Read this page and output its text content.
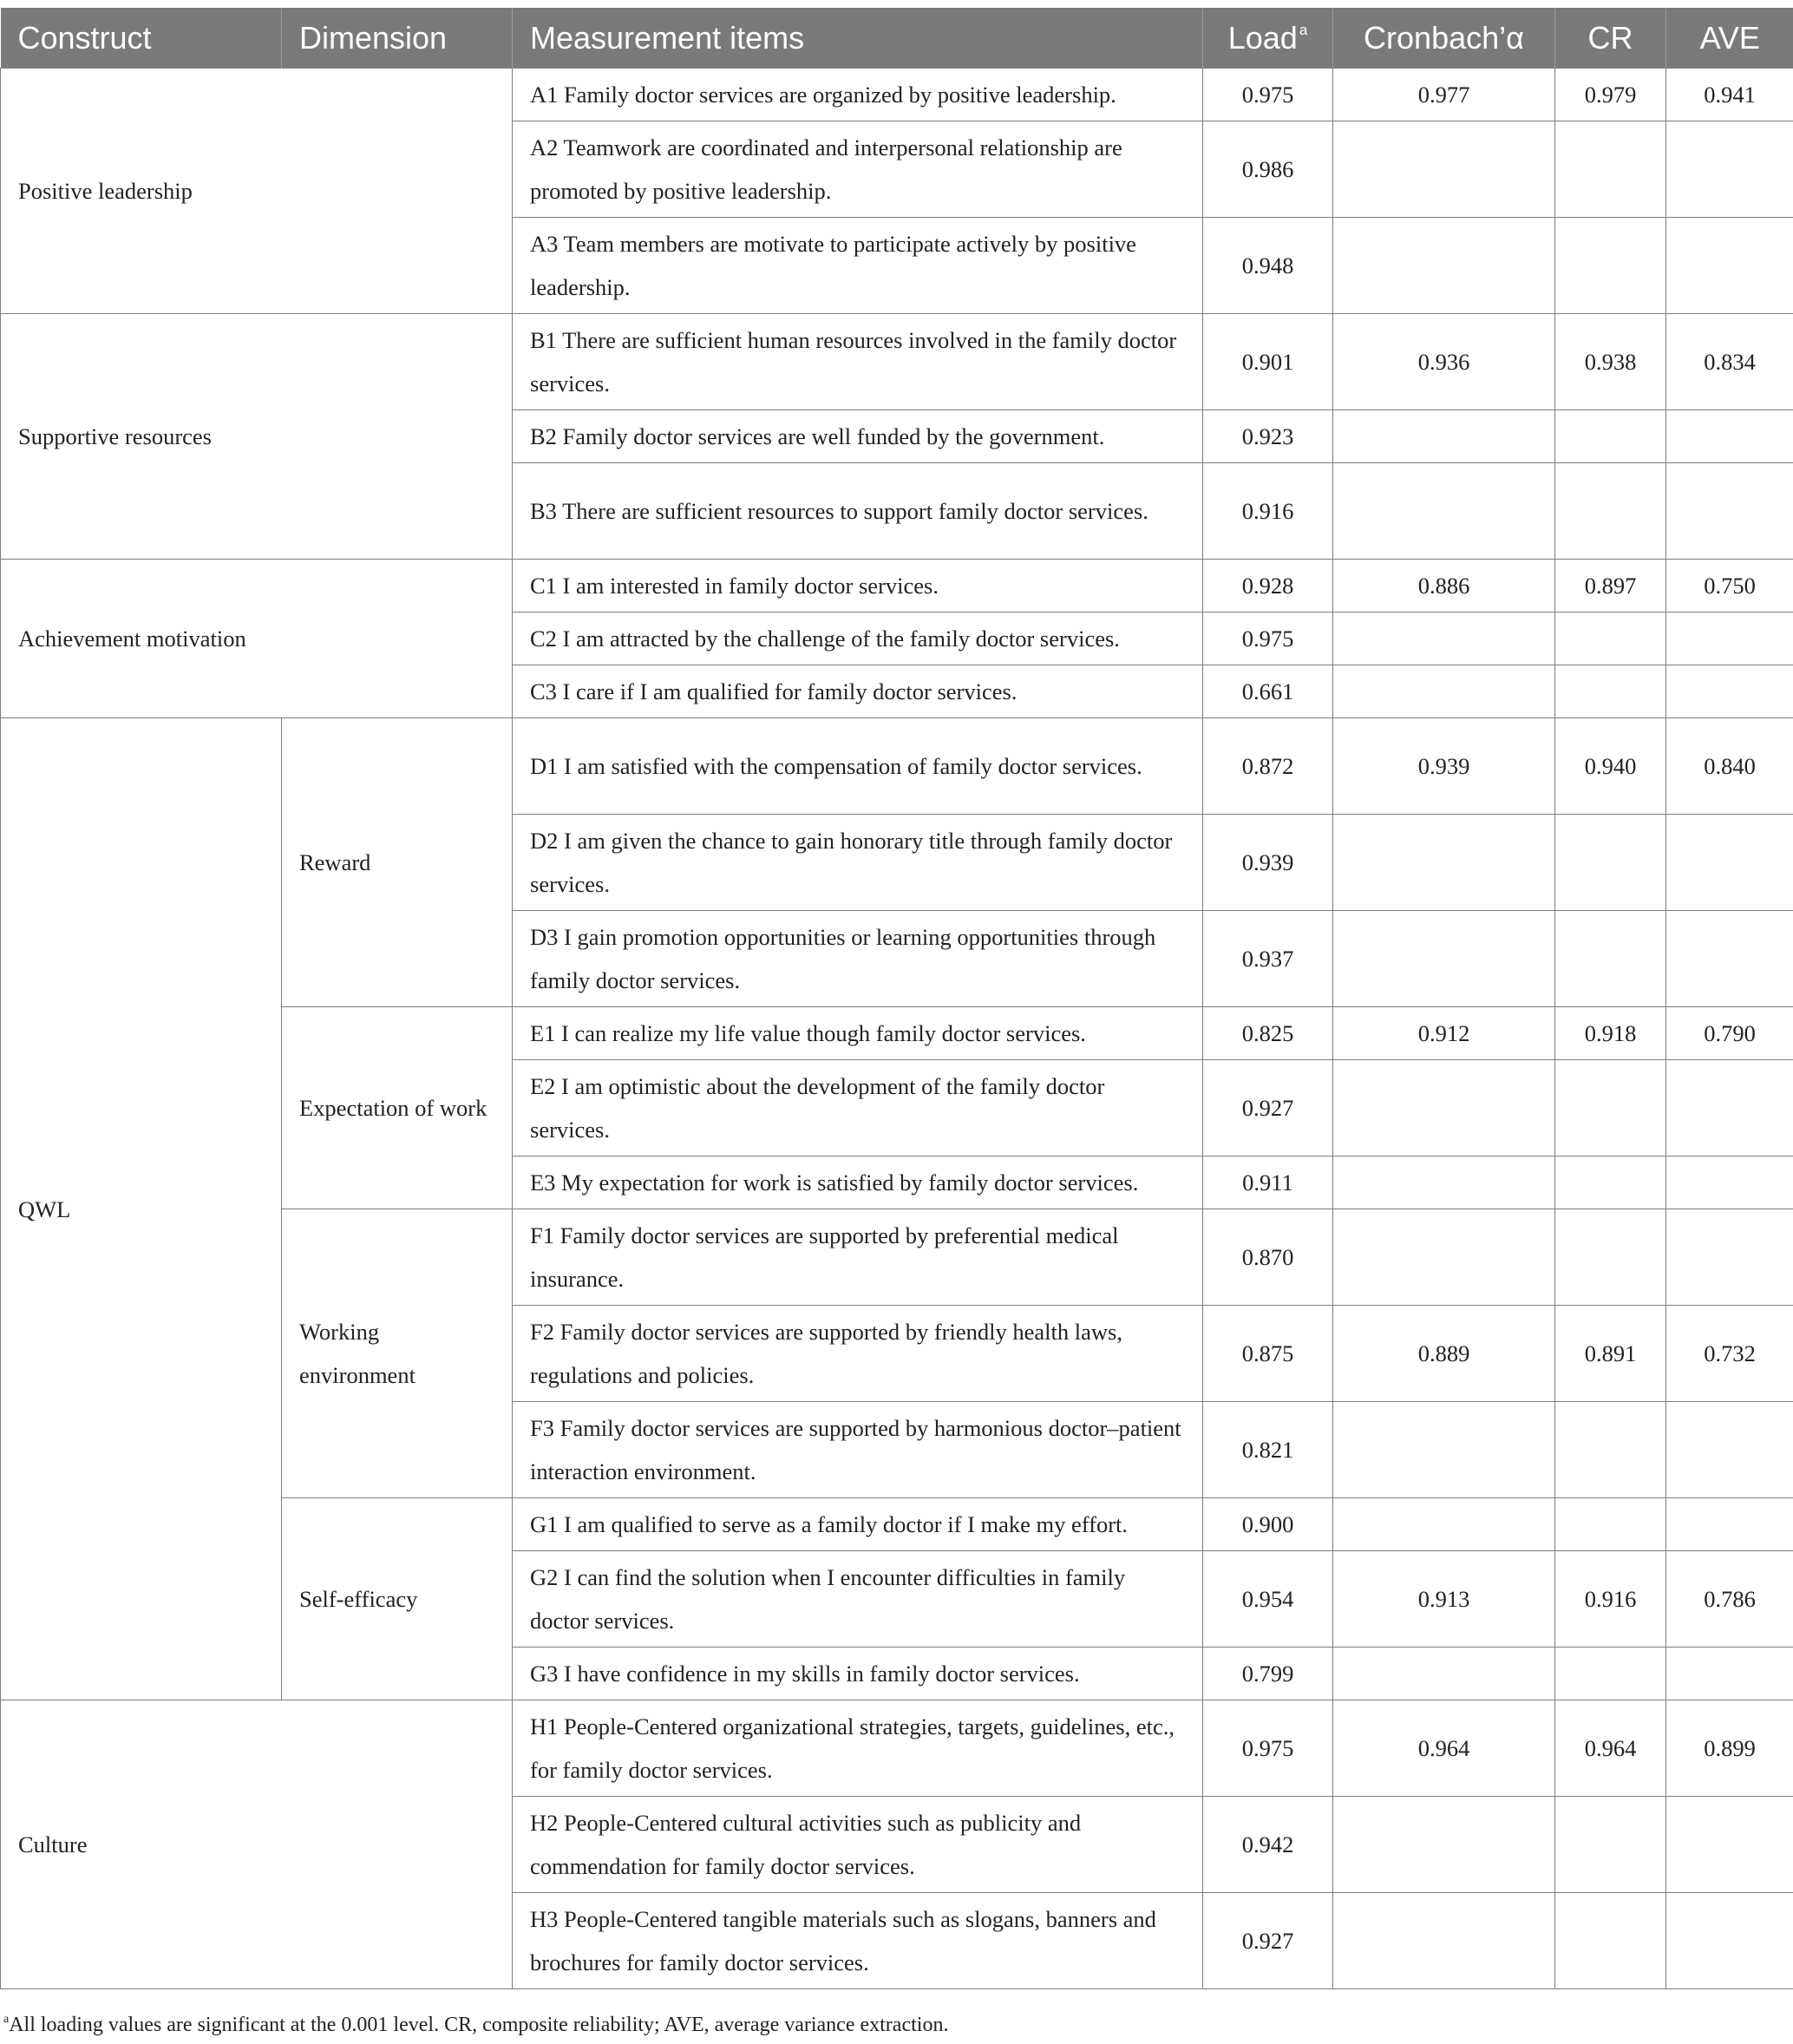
Construct	Dimension	Measurement items	Load $^a$	Cronbach’α	CR	AVE
Positive leadership		A1 Family doctor services are organized by positive leadership.	0.975	0.977	0.979	0.941
		A2 Teamwork are coordinated and interpersonal relationship are promoted by positive leadership.	0.986			
		A3 Team members are motivate to participate actively by positive leadership.	0.948			
Supportive resources		B1 There are sufficient human resources involved in the family doctor services.	0.901	0.936	0.938	0.834
		B2 Family doctor services are well funded by the government.	0.923			
		B3 There are sufficient resources to support family doctor services.	0.916			
Achievement motivation		C1 I am interested in family doctor services.	0.928	0.886	0.897	0.750
		C2 I am attracted by the challenge of the family doctor services.	0.975			
		C3 I care if I am qualified for family doctor services.	0.661			
QWL	Reward	D1 I am satisfied with the compensation of family doctor services.	0.872	0.939	0.940	0.840
		D2 I am given the chance to gain honorary title through family doctor services.	0.939			
		D3 I gain promotion opportunities or learning opportunities through family doctor services.	0.937			
	Expectation of work	E1 I can realize my life value though family doctor services.	0.825	0.912	0.918	0.790
		E2 I am optimistic about the development of the family doctor services.	0.927			
		E3 My expectation for work is satisfied by family doctor services.	0.911			
	Working environment	F1 Family doctor services are supported by preferential medical insurance.	0.870			
		F2 Family doctor services are supported by friendly health laws, regulations and policies.	0.875	0.889	0.891	0.732
		F3 Family doctor services are supported by harmonious doctor–patient interaction environment.	0.821			
	Self-efficacy	G1 I am qualified to serve as a family doctor if I make my effort.	0.900			
		G2 I can find the solution when I encounter difficulties in family doctor services.	0.954	0.913	0.916	0.786
		G3 I have confidence in my skills in family doctor services.	0.799			
Culture		H1 People-Centered organizational strategies, targets, guidelines, etc., for family doctor services.	0.975	0.964	0.964	0.899
		H2 People-Centered cultural activities such as publicity and commendation for family doctor services.	0.942			
		H3 People-Centered tangible materials such as slogans, banners and brochures for family doctor services.	0.927			
$^a$All loading values are significant at the 0.001 level. CR, composite reliability; AVE, average variance extraction.
